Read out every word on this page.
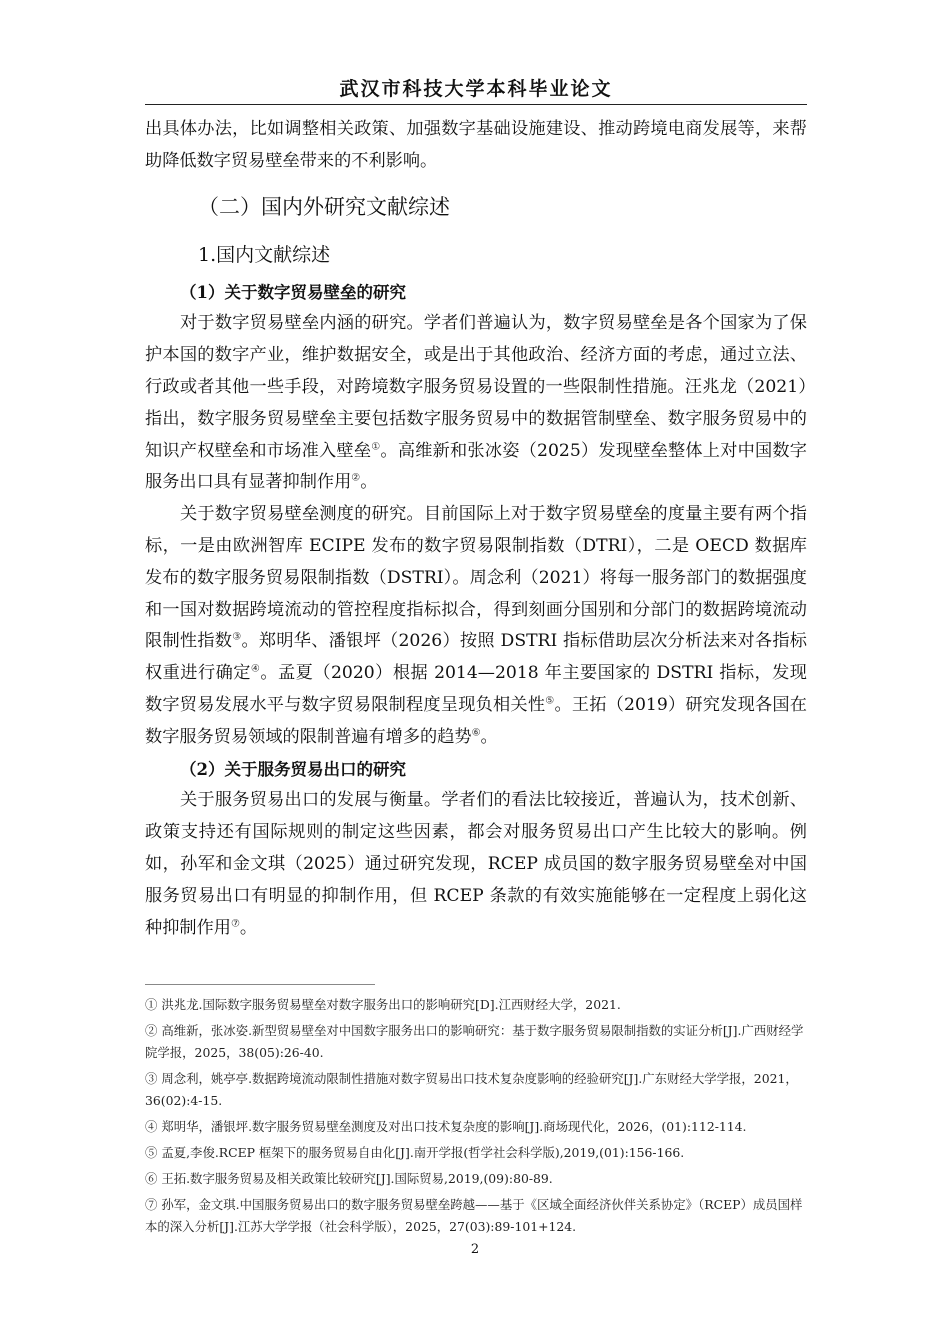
武汉市科技大学本科毕业论文

出具体办法，比如调整相关政策、加强数字基础设施建设、推动跨境电商发展等，来帮助降低数字贸易壁垒带来的不利影响。

（二）国内外研究文献综述
1.国内文献综述
（1）关于数字贸易壁垒的研究

对于数字贸易壁垒内涵的研究。学者们普遍认为，数字贸易壁垒是各个国家为了保护本国的数字产业，维护数据安全，或是出于其他政治、经济方面的考虑，通过立法、行政或者其他一些手段，对跨境数字服务贸易设置的一些限制性措施。汪兆龙（2021）指出，数字服务贸易壁垒主要包括数字服务贸易中的数据管制壁垒、数字服务贸易中的知识产权壁垒和市场准入壁垒①。高维新和张冰姿（2025）发现壁垒整体上对中国数字服务出口具有显著抑制作用②。

关于数字贸易壁垒测度的研究。目前国际上对于数字贸易壁垒的度量主要有两个指标，一是由欧洲智库 ECIPE 发布的数字贸易限制指数（DTRI），二是 OECD 数据库发布的数字服务贸易限制指数（DSTRI）。周念利（2021）将每一服务部门的数据强度和一国对数据跨境流动的管控程度指标拟合，得到刻画分国别和分部门的数据跨境流动限制性指数③。郑明华、潘银坪（2026）按照 DSTRI 指标借助层次分析法来对各指标权重进行确定④。孟夏（2020）根据 2014—2018 年主要国家的 DSTRI 指标，发现数字贸易发展水平与数字贸易限制程度呈现负相关性⑤。王拓（2019）研究发现各国在数字服务贸易领域的限制普遍有增多的趋势⑥。

（2）关于服务贸易出口的研究

关于服务贸易出口的发展与衡量。学者们的看法比较接近，普遍认为，技术创新、政策支持还有国际规则的制定这些因素，都会对服务贸易出口产生比较大的影响。例如，孙军和金文琪（2025）通过研究发现，RCEP 成员国的数字服务贸易壁垒对中国服务贸易出口有明显的抑制作用，但 RCEP 条款的有效实施能够在一定程度上弱化这种抑制作用⑦。

① 洪兆龙.国际数字服务贸易壁垒对数字服务出口的影响研究[D].江西财经大学，2021.

② 高维新，张冰姿.新型贸易壁垒对中国数字服务出口的影响研究：基于数字服务贸易限制指数的实证分析[J].广西财经学院学报，2025，38(05):26-40.

③ 周念利，姚亭亭.数据跨境流动限制性措施对数字贸易出口技术复杂度影响的经验研究[J].广东财经大学学报，2021，36(02):4-15.

④ 郑明华，潘银坪.数字服务贸易壁垒测度及对出口技术复杂度的影响[J].商场现代化，2026，(01):112-114.

⑤ 孟夏,李俊.RCEP 框架下的服务贸易自由化[J].南开学报(哲学社会科学版),2019,(01):156-166.

⑥ 王拓.数字服务贸易及相关政策比较研究[J].国际贸易,2019,(09):80-89.

⑦ 孙军，金文琪.中国服务贸易出口的数字服务贸易壁垒跨越——基于《区域全面经济伙伴关系协定》（RCEP）成员国样本的深入分析[J].江苏大学学报（社会科学版），2025，27(03):89-101+124.

2
